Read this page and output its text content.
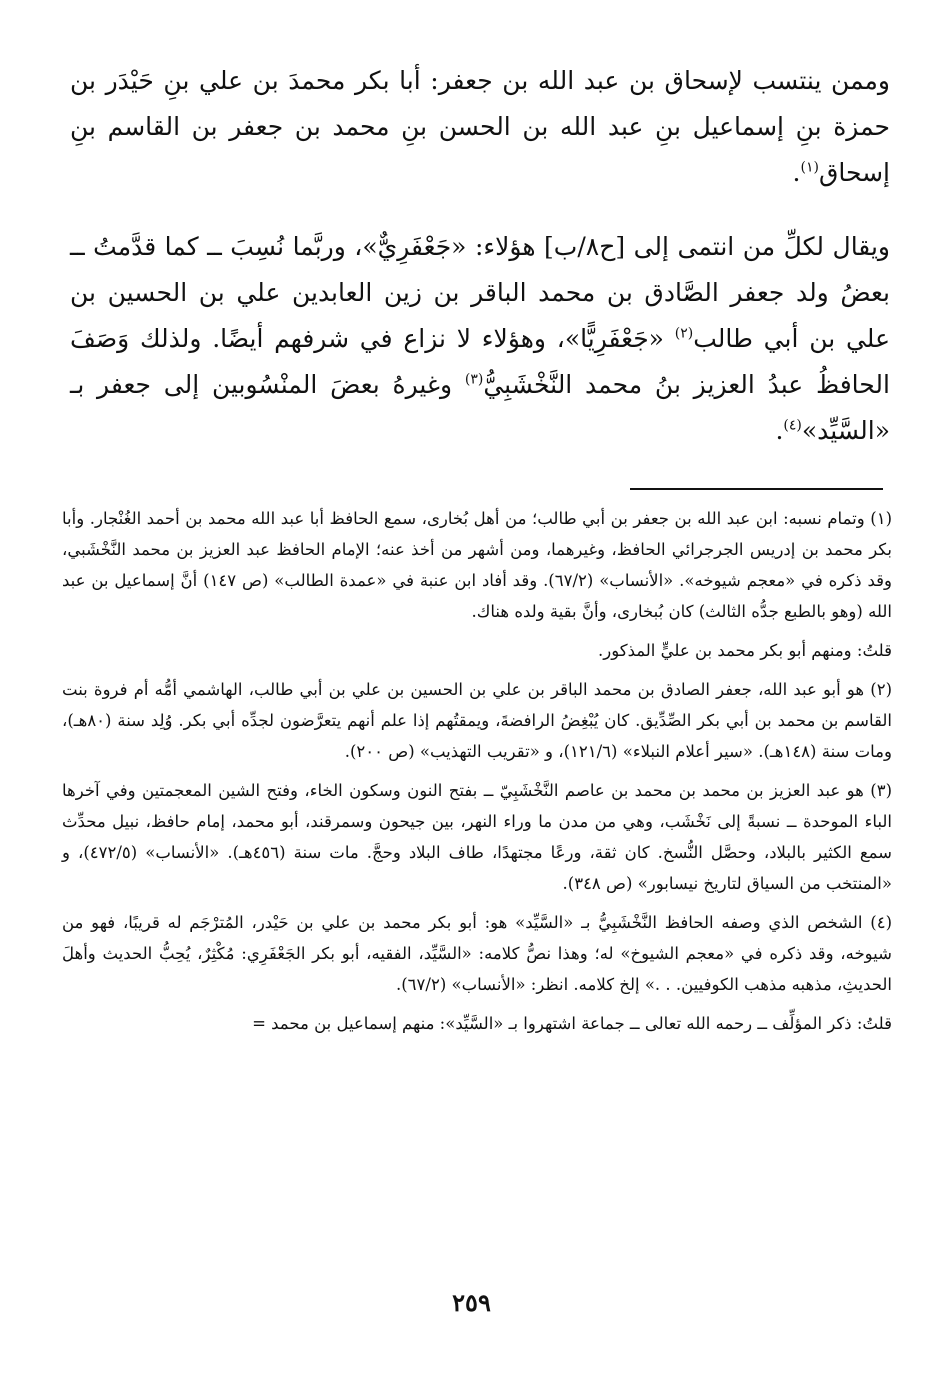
وممن ينتسب لإسحاق بن عبد الله بن جعفر: أبا بكر محمدَ بن علي بنِ حَيْدَر بن حمزة بنِ إسماعيل بنِ عبد الله بن الحسن بنِ محمد بن جعفر بن القاسم بنِ إسحاق$^{(١)}$.

ويقال لكلِّ من انتمى إلى [ح٨/ب] هؤلاء: «جَعْفَرِيٌّ»، وربَّما نُسِبَ ــ كما قدَّمتُ ــ بعضُ ولد جعفر الصَّادق بن محمد الباقر بن زين العابدين علي بن الحسين بن علي بن أبي طالب$^{(٢)}$ «جَعْفَرِيًّا»، وهؤلاء لا نزاع في شرفهم أيضًا. ولذلك وَصَفَ الحافظُ عبدُ العزيز بنُ محمد النَّخْشَبِيُّ$^{(٣)}$ وغيرهُ بعضَ المنْسُوبين إلى جعفر بـ «السَّيِّد»$^{(٤)}$.

(١) وتمام نسبه: ابن عبد الله بن جعفر بن أبي طالب؛ من أهل بُخارى، سمع الحافظ أبا عبد الله محمد بن أحمد الغُنْجار. وأبا بكر محمد بن إدريس الجرجرائي الحافظ، وغيرهما، ومن أشهر من أخذ عنه؛ الإمام الحافظ عبد العزيز بن محمد النَّخْشَبي، وقد ذكره في «معجم شيوخه». «الأنساب» (٦٧/٢). وقد أفاد ابن عنبة في «عمدة الطالب» (ص ١٤٧) أنَّ إسماعيل بن عبد الله (وهو بالطبع جدُّه الثالث) كان بُبخارى، وأنَّ بقية ولده هناك.

قلتُ: ومنهم أبو بكر محمد بن عليٍّ المذكور.

(٢) هو أبو عبد الله، جعفر الصادق بن محمد الباقر بن علي بن الحسين بن علي بن أبي طالب، الهاشمي أمُّه أم فروة بنت القاسم بن محمد بن أبي بكر الصِّدِّيق. كان يُبْغِضُ الرافضةَ، ويمقتُهم إذا علم أنهم يتعرَّضون لجدِّه أبي بكر. وُلِد سنة (٨٠هـ)، ومات سنة (١٤٨هـ). «سير أعلام النبلاء» (١٢١/٦)، و «تقريب التهذيب» (ص ٢٠٠).

(٣) هو عبد العزيز بن محمد بن محمد بن عاصم النَّخْشَبِيّ ــ بفتح النون وسكون الخاء، وفتح الشين المعجمتين وفي آخرها الباء الموحدة ــ نسبةً إلى نَخْشَب، وهي من مدن ما وراء النهر، بين جيحون وسمرقند، أبو محمد، إمام حافظ، نبيل محدِّث سمع الكثير بالبلاد، وحصَّل النُّسخ. كان ثقة، ورعًا مجتهدًا، طاف البلاد وحجَّ. مات سنة (٤٥٦هـ). «الأنساب» (٤٧٢/٥)، و «المنتخب من السياق لتاريخ نيسابور» (ص ٣٤٨).

(٤) الشخص الذي وصفه الحافظ النَّخْشَبِيُّ بـ «السَّيِّد» هو: أبو بكر محمد بن علي بن حَيْدر، المُترْجَم له قريبًا، فهو من شيوخه، وقد ذكره في «معجم الشيوخ» له؛ وهذا نصُّ كلامه: «السَّيِّد، الفقيه، أبو بكر الجَعْفَرِي: مُكْثِرٌ، يُحِبُّ الحديث وأهلَ الحديثِ، مذهبه مذهب الكوفيين. . .» إلخ كلامه. انظر: «الأنساب» (٦٧/٢).

قلتُ: ذكر المؤلِّف ــ رحمه الله تعالى ــ جماعة اشتهروا بـ «السَّيِّد»: منهم إسماعيل بن محمد =

٢٥٩
